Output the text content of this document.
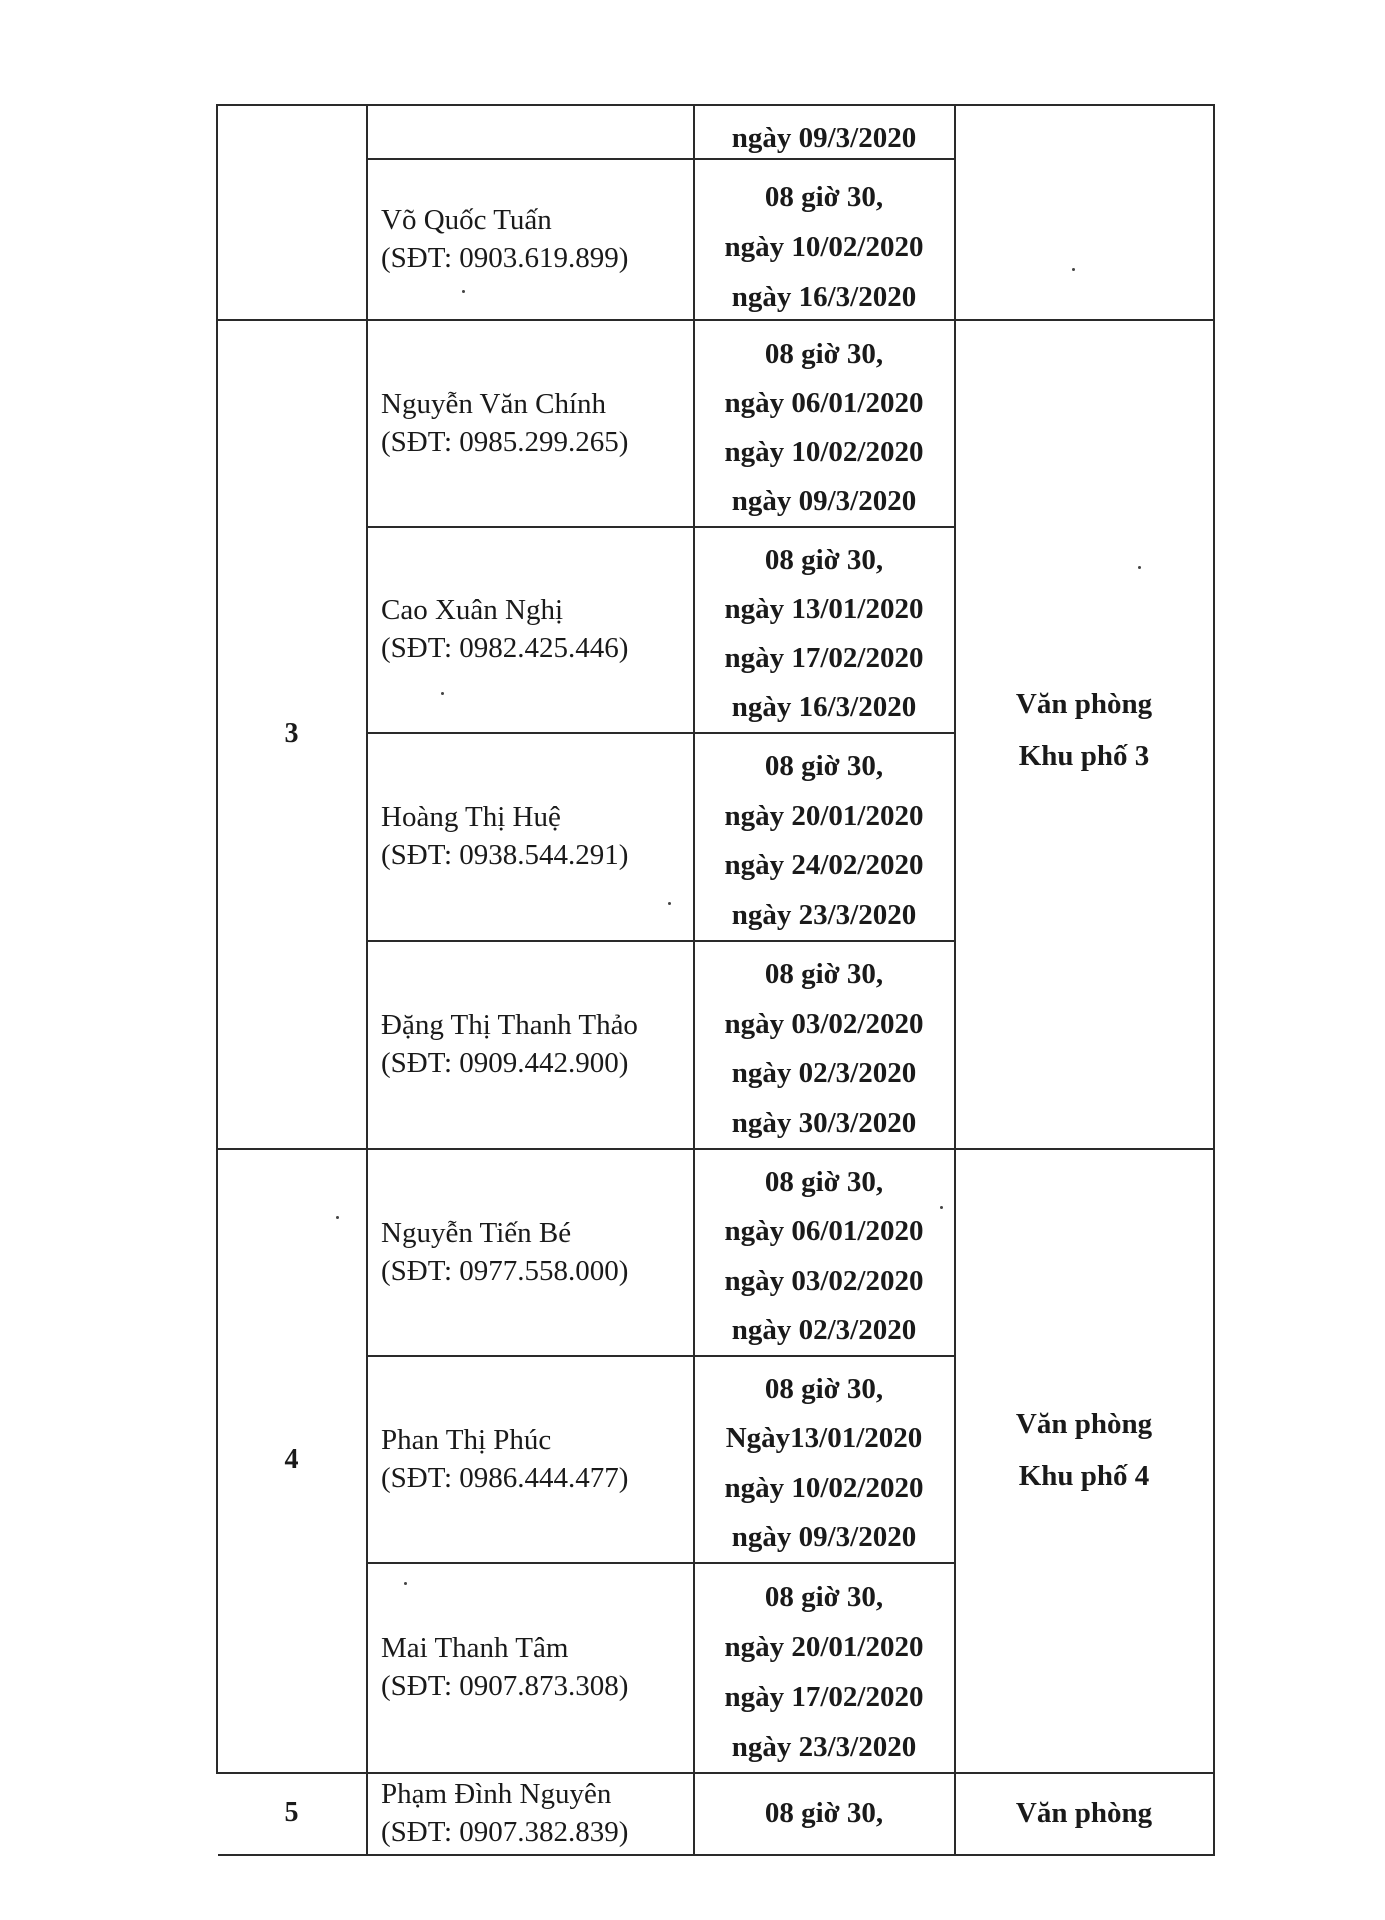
ngày 09/3/2020
Võ Quốc Tuấn
(SĐT: 0903.619.899)
08 giờ 30,
ngày 10/02/2020
ngày 16/3/2020
3
Văn phòng
Khu phố 3
Nguyễn Văn Chính
(SĐT: 0985.299.265)
08 giờ 30,
ngày 06/01/2020
ngày 10/02/2020
ngày 09/3/2020
Cao Xuân Nghị
(SĐT: 0982.425.446)
08 giờ 30,
ngày 13/01/2020
ngày 17/02/2020
ngày 16/3/2020
Hoàng Thị Huệ
(SĐT: 0938.544.291)
08 giờ 30,
ngày 20/01/2020
ngày 24/02/2020
ngày 23/3/2020
Đặng Thị Thanh Thảo
(SĐT: 0909.442.900)
08 giờ 30,
ngày 03/02/2020
ngày 02/3/2020
ngày 30/3/2020
4
Văn phòng
Khu phố 4
Nguyễn Tiến Bé
(SĐT: 0977.558.000)
08 giờ 30,
ngày 06/01/2020
ngày 03/02/2020
ngày 02/3/2020
Phan Thị Phúc
(SĐT: 0986.444.477)
08 giờ 30,
Ngày13/01/2020
ngày 10/02/2020
ngày 09/3/2020
Mai Thanh Tâm
(SĐT: 0907.873.308)
08 giờ 30,
ngày 20/01/2020
ngày 17/02/2020
ngày 23/3/2020
5
Phạm Đình Nguyên
(SĐT: 0907.382.839)
08 giờ 30,	Văn phòng
